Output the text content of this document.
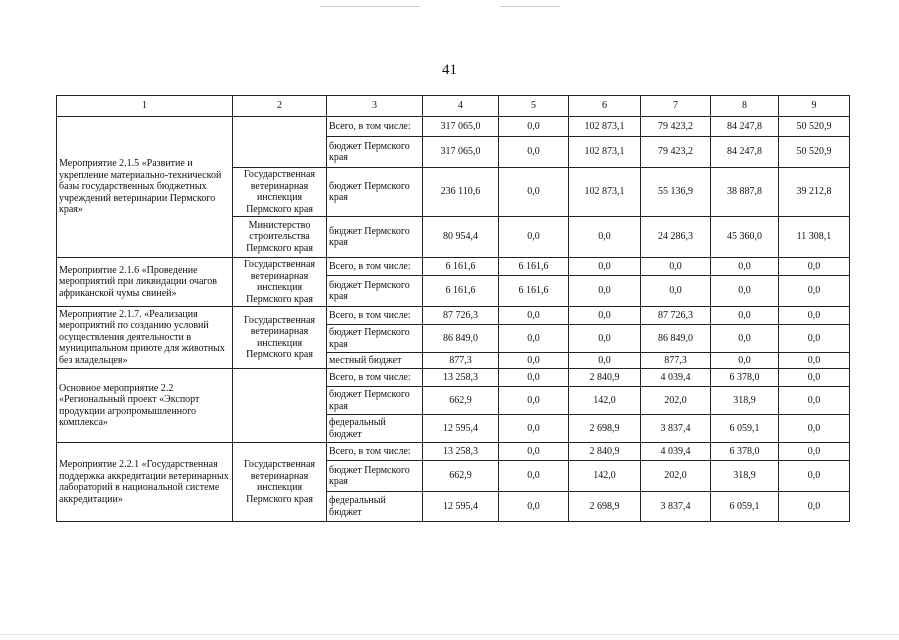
41
1	2	3	4	5	6	7	8	9
Мероприятие 2.1.5 «Развитие и укрепление материально-технической базы государственных бюджетных учреждений ветеринарии Пермского края»		Всего, в том числе:	317 065,0	0,0	102 873,1	79 423,2	84 247,8	50 520,9
		бюджет Пермского края	317 065,0	0,0	102 873,1	79 423,2	84 247,8	50 520,9
	Государственная ветеринарная инспекция Пермского края	бюджет Пермского края	236 110,6	0,0	102 873,1	55 136,9	38 887,8	39 212,8
	Министерство строительства Пермского края	бюджет Пермского края	80 954,4	0,0	0,0	24 286,3	45 360,0	11 308,1
Мероприятие 2.1.6 «Проведение мероприятий при ликвидации очагов африканской чумы свиней»	Государственная ветеринарная инспекция Пермского края	Всего, в том числе:	6 161,6	6 161,6	0,0	0,0	0,0	0,0
		бюджет Пермского края	6 161,6	6 161,6	0,0	0,0	0,0	0,0
Мероприятие 2.1.7. «Реализация мероприятий по созданию условий осуществления деятельности в муниципальном приюте для животных без владельцев»	Государственная ветеринарная инспекция Пермского края	Всего, в том числе:	87 726,3	0,0	0,0	87 726,3	0,0	0,0
		бюджет Пермского края	86 849,0	0,0	0,0	86 849,0	0,0	0,0
		местный бюджет	877,3	0,0	0,0	877,3	0,0	0,0
Основное мероприятие 2.2 «Региональный проект «Экспорт продукции агропромышленного комплекса»		Всего, в том числе:	13 258,3	0,0	2 840,9	4 039,4	6 378,0	0,0
		бюджет Пермского края	662,9	0,0	142,0	202,0	318,9	0,0
		федеральный бюджет	12 595,4	0,0	2 698,9	3 837,4	6 059,1	0,0
Мероприятие 2.2.1 «Государственная поддержка аккредитации ветеринарных лабораторий в национальной системе аккредитации»	Государственная ветеринарная инспекция Пермского края	Всего, в том числе:	13 258,3	0,0	2 840,9	4 039,4	6 378,0	0,0
		бюджет Пермского края	662,9	0,0	142,0	202,0	318,9	0,0
		федеральный бюджет	12 595,4	0,0	2 698,9	3 837,4	6 059,1	0,0
